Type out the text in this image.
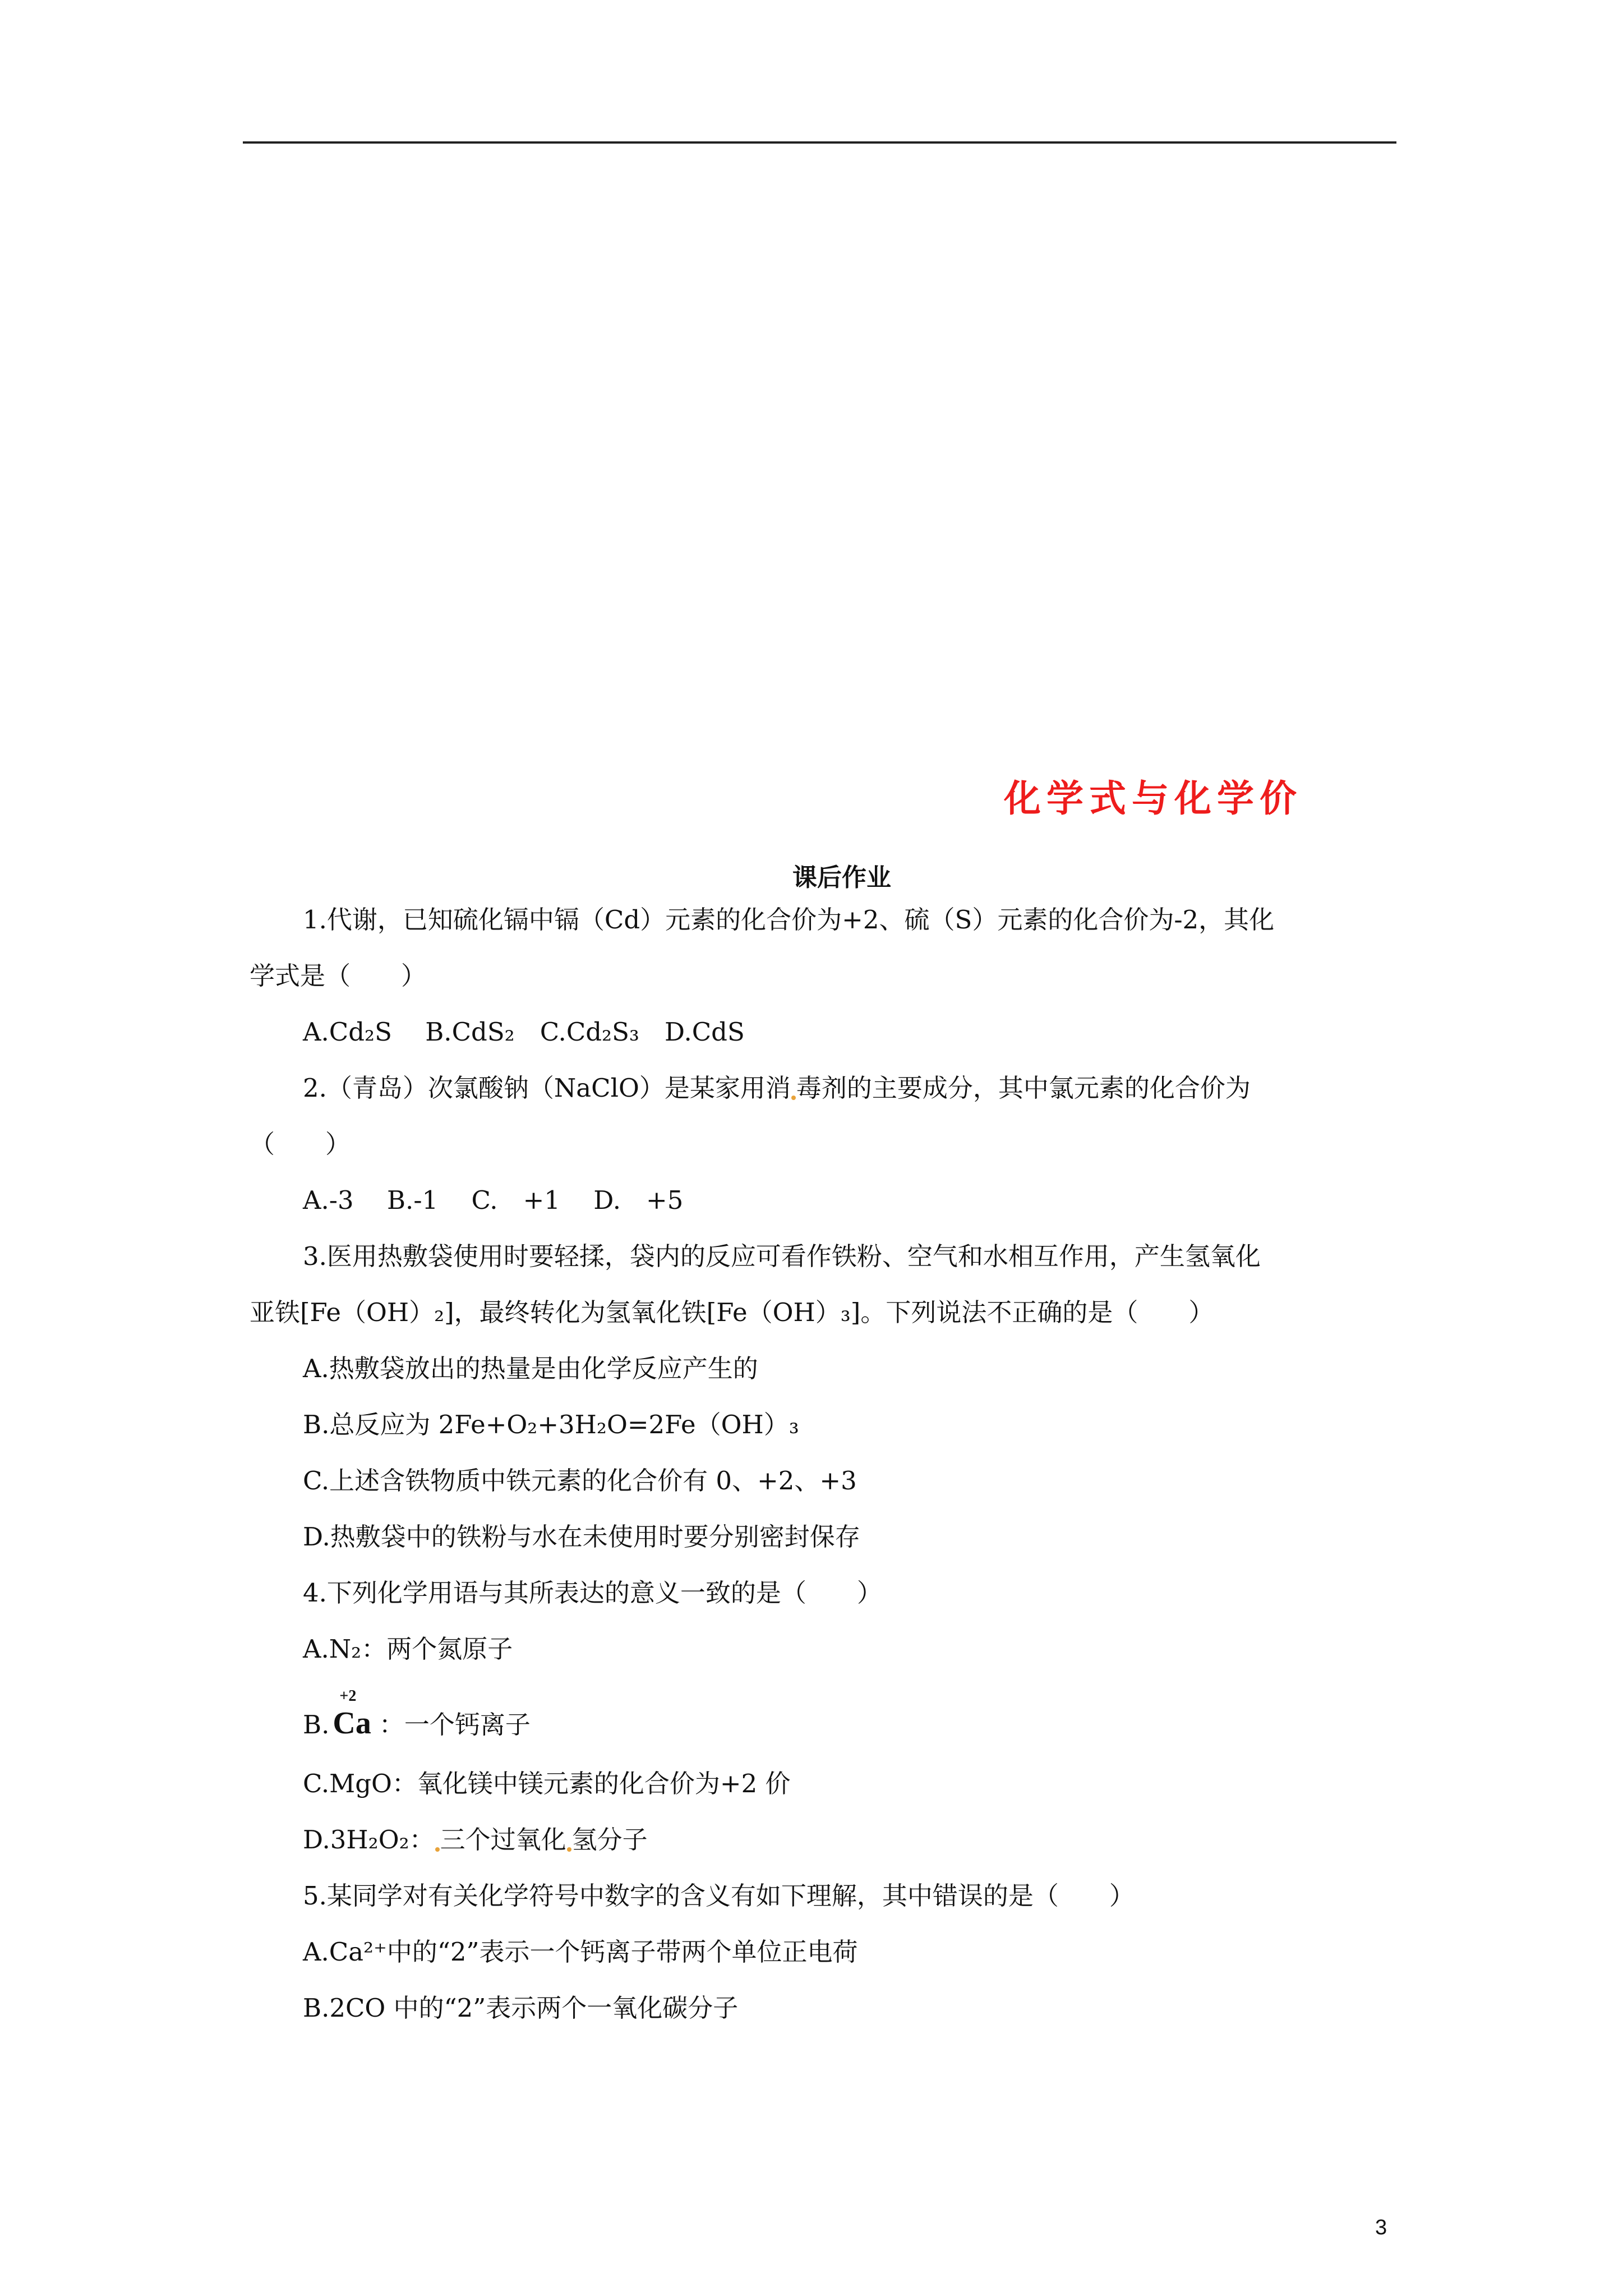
化学式与化学价
课后作业
1.代谢，已知硫化镉中镉（Cd）元素的化合价为+2、硫（S）元素的化合价为-2，其化
学式是（　　）
A.Cd₂S　 B.CdS₂　C.Cd₂S₃　D.CdS
2.（青岛）次氯酸钠（NaClO）是某家用消 毒剂的主要成分，其中氯元素的化合价为
（　　）
A.-3　 B.-1　 C.　+1　 D.　+5
3.医用热敷袋使用时要轻揉，袋内的反应可看作铁粉、空气和水相互作用，产生氢氧化
亚铁[Fe（OH）₂]，最终转化为氢氧化铁[Fe（OH）₃]。下列说法不正确的是（　　）
A.热敷袋放出的热量是由化学反应产生的
B.总反应为 2Fe+O₂+3H₂O=2Fe（OH）₃
C.上述含铁物质中铁元素的化合价有 0、+2、+3
D.热敷袋中的铁粉与水在未使用时要分别密封保存
4.下列化学用语与其所表达的意义一致的是（　　）
A.N₂：两个氮原子
B.
+2
Ca ：一个钙离子
C.MgO：氧化镁中镁元素的化合价为+2 价
D.3H₂O₂： 三个过氧化 氢分子
5.某同学对有关化学符号中数字的含义有如下理解，其中错误的是（　　）
A.Ca²⁺中的“2”表示一个钙离子带两个单位正电荷
B.2CO 中的“2”表示两个一氧化碳分子
3
